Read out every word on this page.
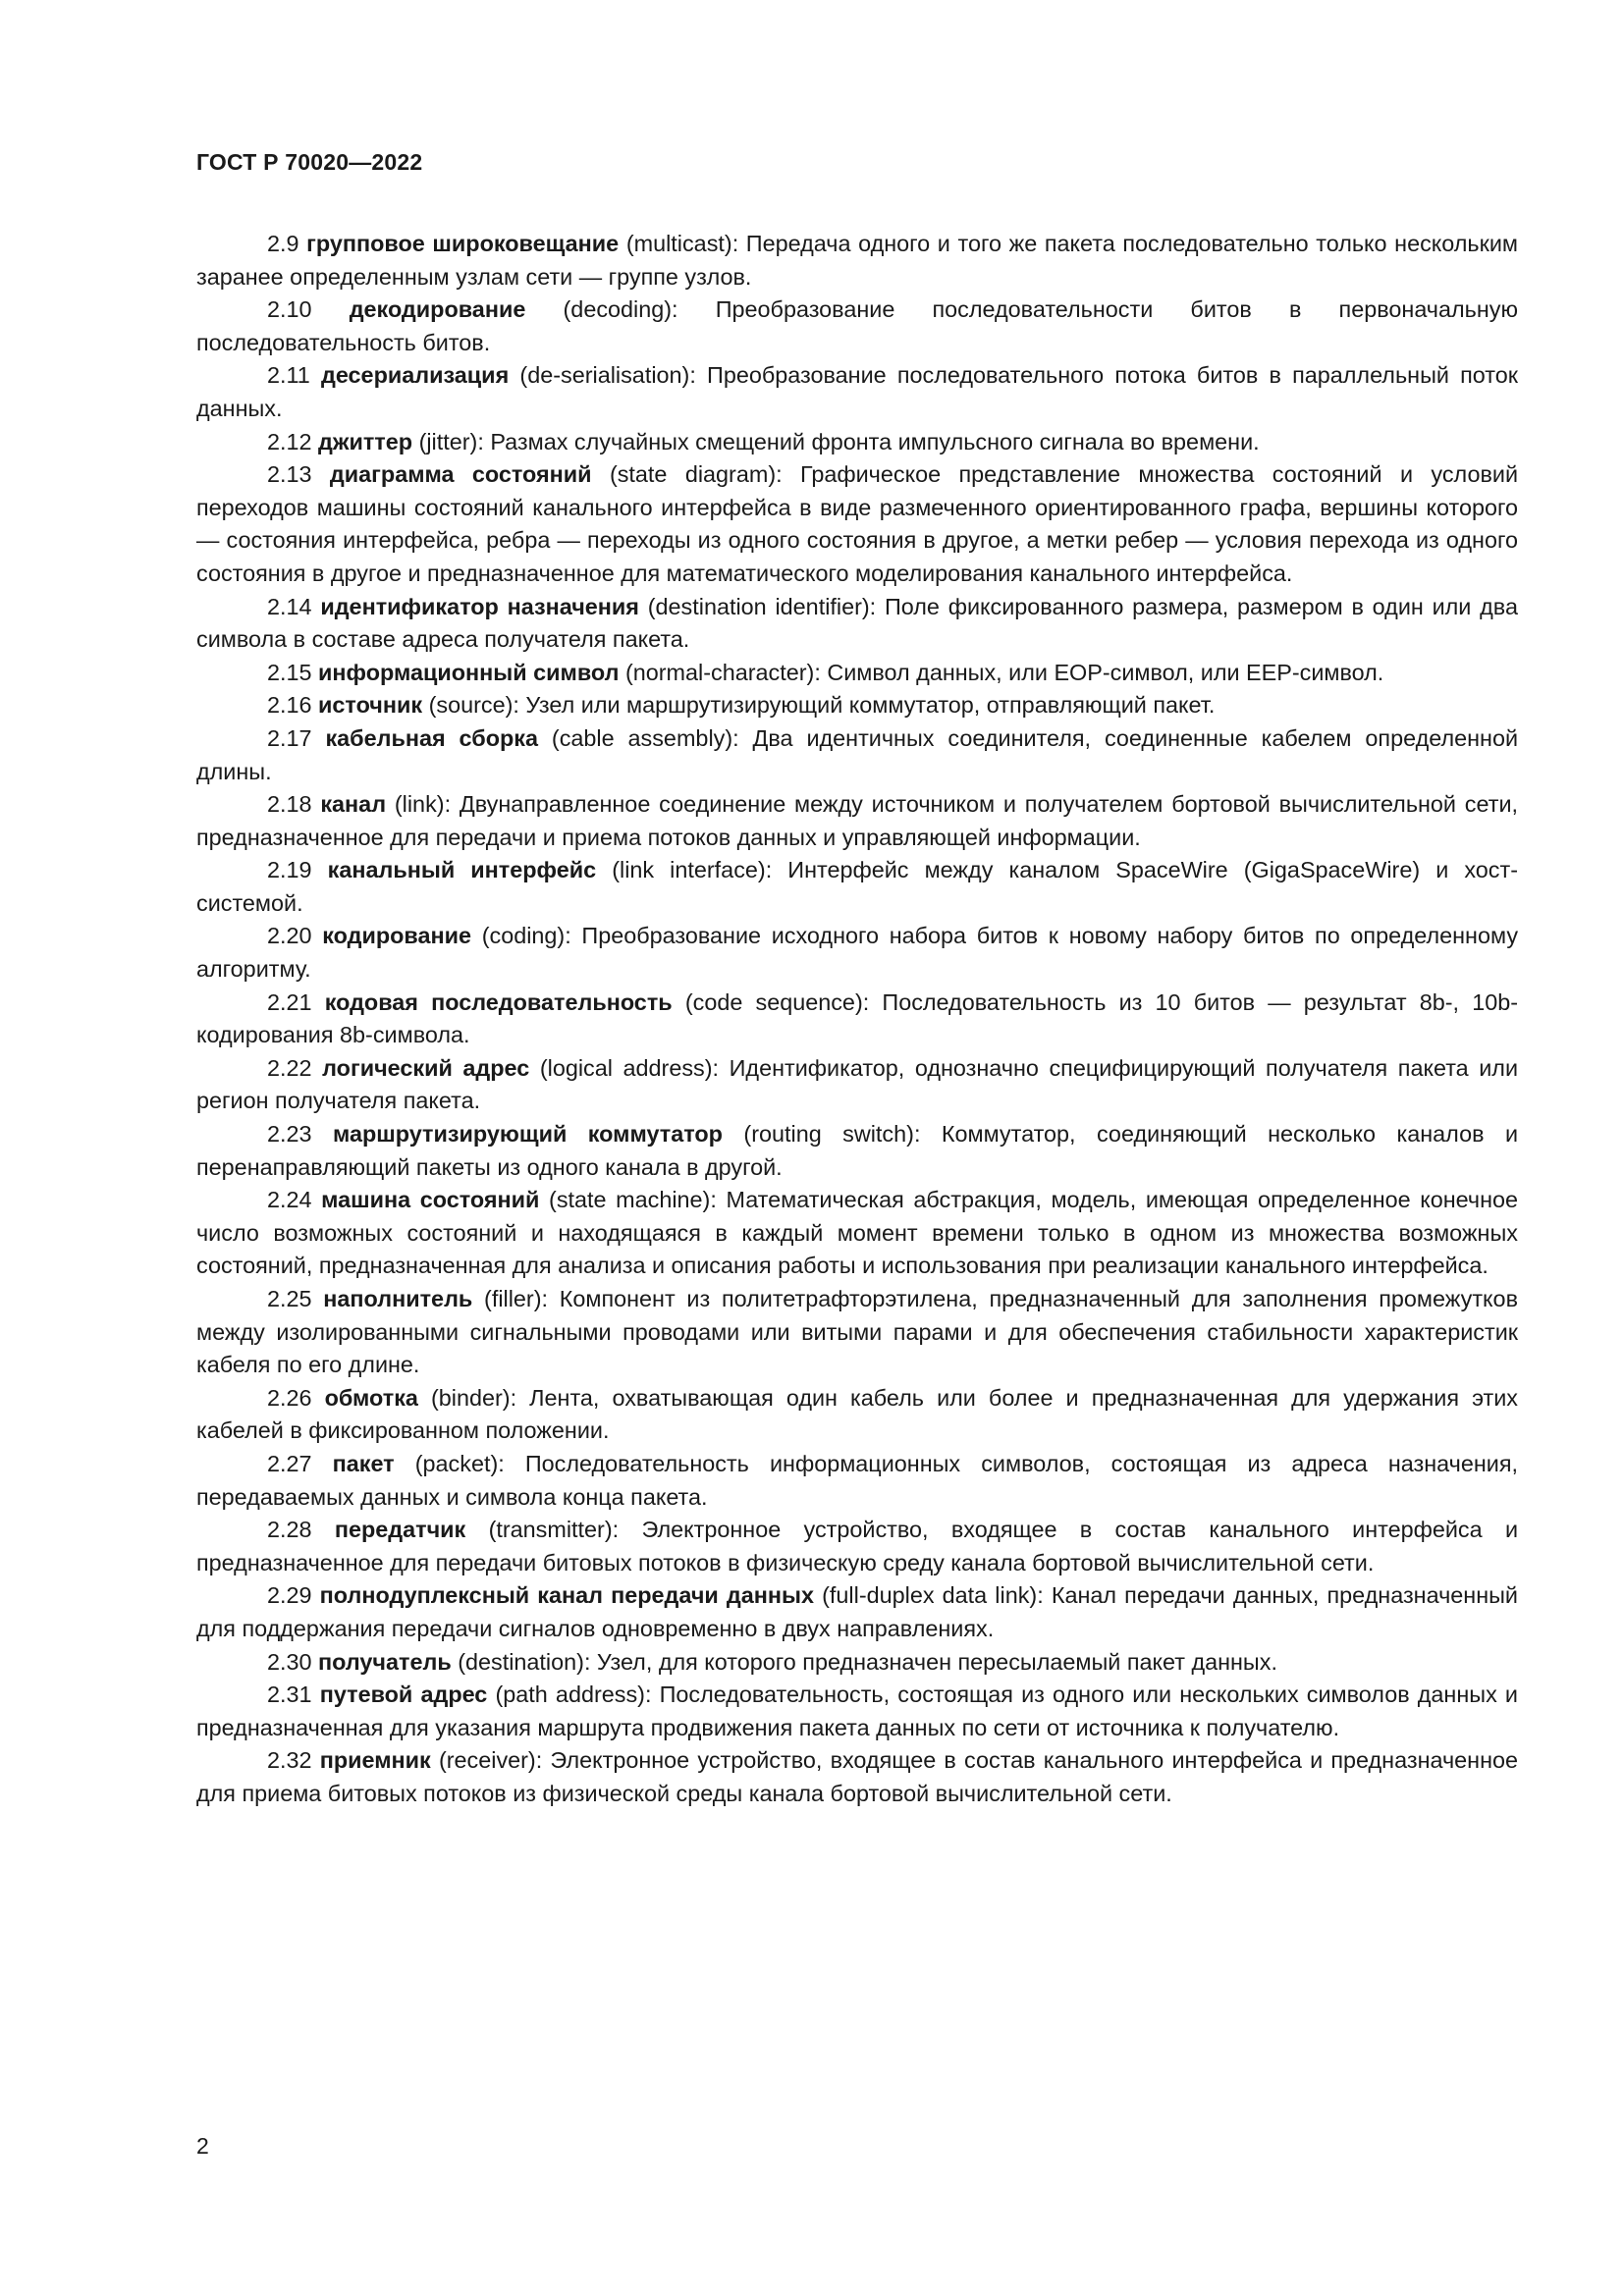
ГОСТ Р 70020—2022

2.9 групповое широковещание (multicast): Передача одного и того же пакета последовательно только нескольким заранее определенным узлам сети — группе узлов.

2.10 декодирование (decoding): Преобразование последовательности битов в первоначальную последовательность битов.

2.11 десериализация (de-serialisation): Преобразование последовательного потока битов в параллельный поток данных.

2.12 джиттер (jitter): Размах случайных смещений фронта импульсного сигнала во времени.

2.13 диаграмма состояний (state diagram): Графическое представление множества состояний и условий переходов машины состояний канального интерфейса в виде размеченного ориентированного графа, вершины которого — состояния интерфейса, ребра — переходы из одного состояния в другое, а метки ребер — условия перехода из одного состояния в другое и предназначенное для математического моделирования канального интерфейса.

2.14 идентификатор назначения (destination identifier): Поле фиксированного размера, размером в один или два символа в составе адреса получателя пакета.

2.15 информационный символ (normal-character): Символ данных, или EOP-символ, или EEP-символ.

2.16 источник (source): Узел или маршрутизирующий коммутатор, отправляющий пакет.

2.17 кабельная сборка (cable assembly): Два идентичных соединителя, соединенные кабелем определенной длины.

2.18 канал (link): Двунаправленное соединение между источником и получателем бортовой вычислительной сети, предназначенное для передачи и приема потоков данных и управляющей информации.

2.19 канальный интерфейс (link interface): Интерфейс между каналом SpaceWire (GigaSpaceWire) и хост-системой.

2.20 кодирование (coding): Преобразование исходного набора битов к новому набору битов по определенному алгоритму.

2.21 кодовая последовательность (code sequence): Последовательность из 10 битов — результат 8b-, 10b-кодирования 8b-символа.

2.22 логический адрес (logical address): Идентификатор, однозначно специфицирующий получателя пакета или регион получателя пакета.

2.23 маршрутизирующий коммутатор (routing switch): Коммутатор, соединяющий несколько каналов и перенаправляющий пакеты из одного канала в другой.

2.24 машина состояний (state machine): Математическая абстракция, модель, имеющая определенное конечное число возможных состояний и находящаяся в каждый момент времени только в одном из множества возможных состояний, предназначенная для анализа и описания работы и использования при реализации канального интерфейса.

2.25 наполнитель (filler): Компонент из политетрафторэтилена, предназначенный для заполнения промежутков между изолированными сигнальными проводами или витыми парами и для обеспечения стабильности характеристик кабеля по его длине.

2.26 обмотка (binder): Лента, охватывающая один кабель или более и предназначенная для удержания этих кабелей в фиксированном положении.

2.27 пакет (packet): Последовательность информационных символов, состоящая из адреса назначения, передаваемых данных и символа конца пакета.

2.28 передатчик (transmitter): Электронное устройство, входящее в состав канального интерфейса и предназначенное для передачи битовых потоков в физическую среду канала бортовой вычислительной сети.

2.29 полнодуплексный канал передачи данных (full-duplex data link): Канал передачи данных, предназначенный для поддержания передачи сигналов одновременно в двух направлениях.

2.30 получатель (destination): Узел, для которого предназначен пересылаемый пакет данных.

2.31 путевой адрес (path address): Последовательность, состоящая из одного или нескольких символов данных и предназначенная для указания маршрута продвижения пакета данных по сети от источника к получателю.

2.32 приемник (receiver): Электронное устройство, входящее в состав канального интерфейса и предназначенное для приема битовых потоков из физической среды канала бортовой вычислительной сети.

2
